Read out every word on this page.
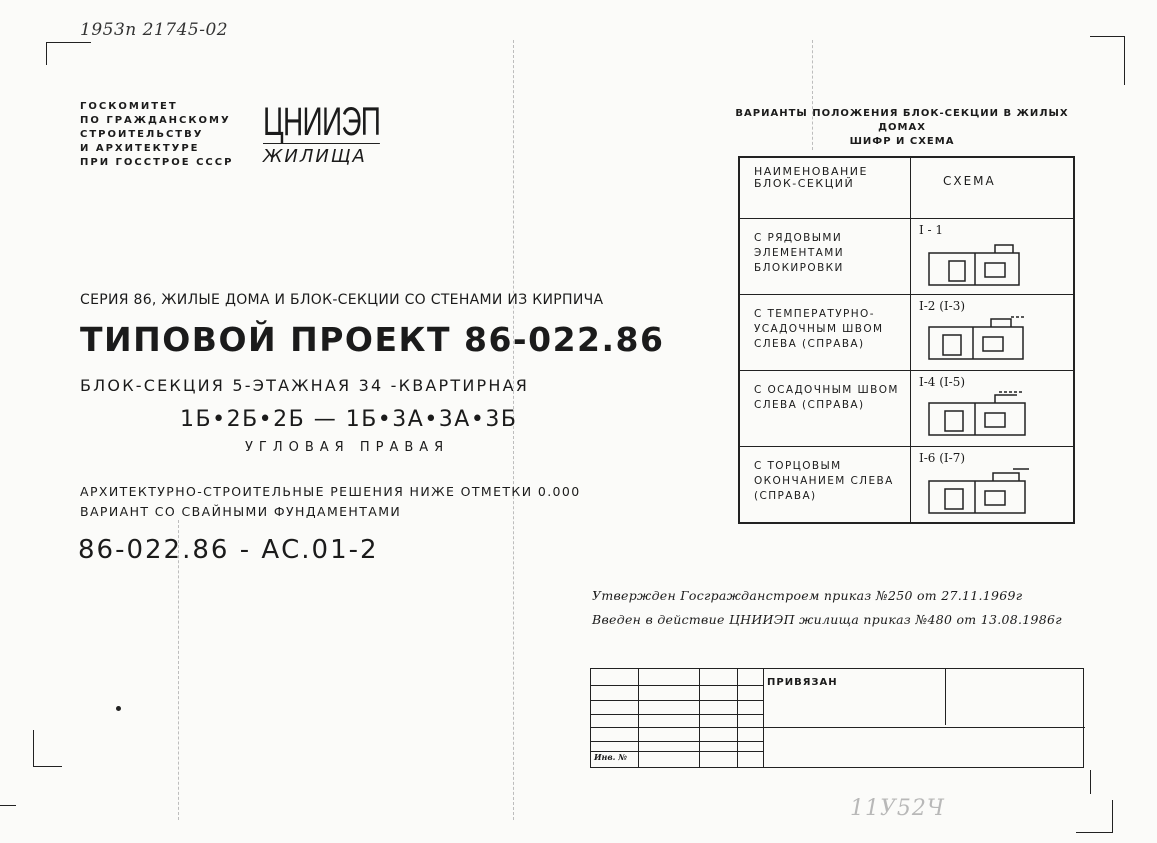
1953п 21745-02
ГОСКОМИТЕТ
ПО ГРАЖДАНСКОМУ
СТРОИТЕЛЬСТВУ
И АРХИТЕКТУРЕ
ПРИ ГОССТРОЕ СССР
ЦНИИЭП
ЖИЛИЩА
СЕРИЯ 86, ЖИЛЫЕ ДОМА И БЛОК-СЕКЦИИ СО СТЕНАМИ ИЗ КИРПИЧА
ТИПОВОЙ ПРОЕКТ 86-022.86
БЛОК-СЕКЦИЯ 5-ЭТАЖНАЯ 34 -КВАРТИРНАЯ
1Б•2Б•2Б — 1Б•3А•3А•3Б
УГЛОВАЯ ПРАВАЯ
АРХИТЕКТУРНО-СТРОИТЕЛЬНЫЕ РЕШЕНИЯ НИЖЕ ОТМЕТКИ 0.000
ВАРИАНТ СО СВАЙНЫМИ ФУНДАМЕНТАМИ
86-022.86 - АС.01-2
ВАРИАНТЫ ПОЛОЖЕНИЯ БЛОК-СЕКЦИИ В ЖИЛЫХ ДОМАХ
ШИФР И СХЕМА
НАИМЕНОВАНИЕ БЛОК-СЕКЦИЙ	СХЕМА
С РЯДОВЫМИ ЭЛЕМЕНТАМИ БЛОКИРОВКИ	I - 1

С ТЕМПЕРАТУРНО-УСАДОЧНЫМ ШВОМ СЛЕВА (СПРАВА)	I-2 (I-3)

С ОСАДОЧНЫМ ШВОМ СЛЕВА (СПРАВА)	I-4 (I-5)

С ТОРЦОВЫМ ОКОНЧАНИЕМ СЛЕВА (СПРАВА)	I-6 (I-7)
Утвержден Госгражданстроем приказ №250 от 27.11.1969г
Введен в действие ЦНИИЭП жилища приказ №480 от 13.08.1986г
ПРИВЯЗАН
Инв. №
11У52Ч
